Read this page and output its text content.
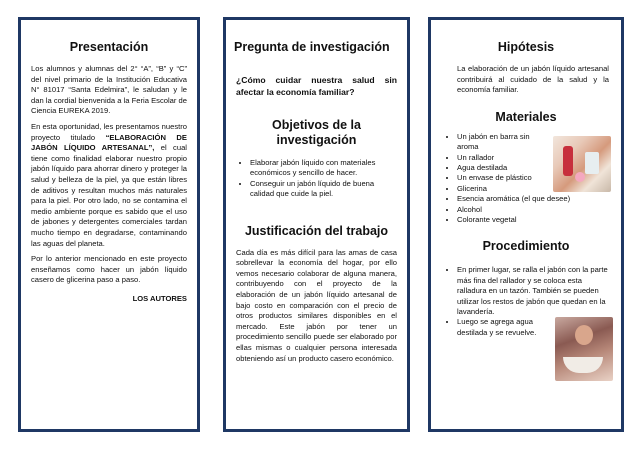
Presentación

Los alumnos y alumnas del 2° “A”, “B” y “C” del nivel primario de la Institución Educativa N° 81017 “Santa Edelmira”, le saludan y le dan la cordial bienvenida a la Feria Escolar de Ciencia EUREKA 2019.

En esta oportunidad, les presentamos nuestro proyecto titulado “ELABORACIÓN DE JABÓN LÍQUIDO ARTESANAL”, el cual tiene como finalidad elaborar nuestro propio jabón líquido para ahorrar dinero y proteger la salud y belleza de la piel, ya que están libres de aditivos y resultan muchos más naturales para la piel. Por otro lado, no se contamina el medio ambiente porque es sabido que el uso de jabones y detergentes comerciales tardan mucho tiempo en degradarse, contaminando las aguas del planeta.

Por lo anterior mencionado en este proyecto enseñamos como hacer un jabón líquido casero de glicerina paso a paso.

LOS AUTORES

Pregunta de investigación

¿Cómo cuidar nuestra salud sin afectar la economía familiar?

Objetivos de la investigación
• Elaborar jabón líquido con materiales económicos y sencillo de hacer.
• Conseguir un jabón líquido de buena calidad que cuide la piel.
Justificación del trabajo

Cada día es más difícil para las amas de casa sobrellevar la economía del hogar, por ello vemos necesario colaborar de alguna manera, contribuyendo con el proyecto de la elaboración de un jabón líquido artesanal de bajo costo en comparación con el precio de otros productos similares disponibles en el mercado. Este jabón por tener un procedimiento sencillo puede ser elaborado por ellas mismas o cualquier persona interesada obteniendo así un producto casero económico.

Hipótesis

La elaboración de un jabón líquido artesanal contribuirá al cuidado de la salud y la economía familiar.

Materiales
• Un jabón en barra sin aroma
• Un rallador
• Agua destilada
• Un envase de plástico
• Glicerina
• Esencia aromática (el que desee)
• Alcohol
• Colorante vegetal
Procedimiento
• En primer lugar, se ralla el jabón con la parte más fina del rallador y se coloca esta ralladura en un tazón. También se pueden utilizar los restos de jabón que quedan en la lavandería.
• Luego se agrega agua destilada y se revuelve.
